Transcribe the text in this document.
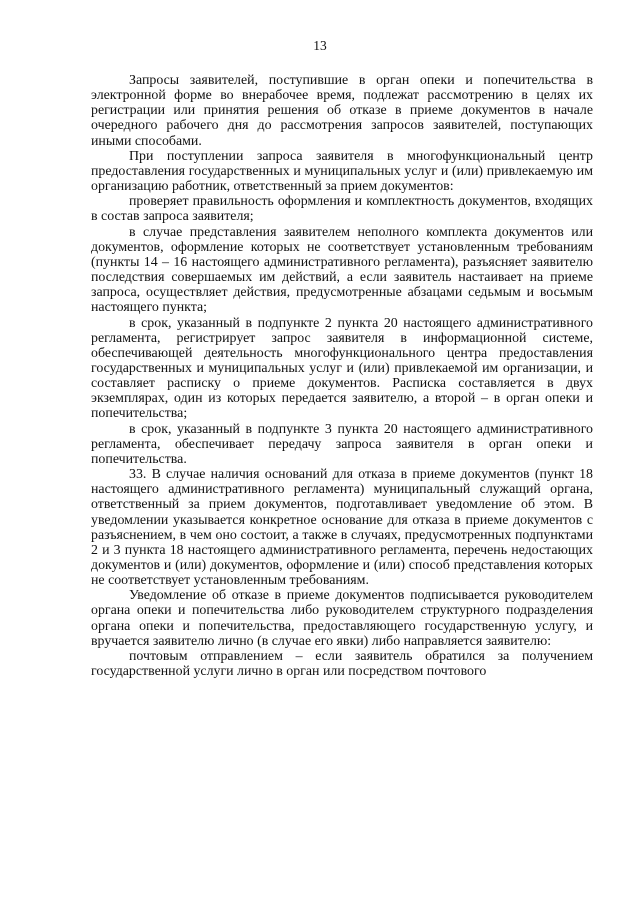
13

Запросы заявителей, поступившие в орган опеки и попечительства в электронной форме во внерабочее время, подлежат рассмотрению в целях их регистрации или принятия решения об отказе в приеме документов в начале очередного рабочего дня до рассмотрения запросов заявителей, поступающих иными способами.

При поступлении запроса заявителя в многофункциональный центр предоставления государственных и муниципальных услуг и (или) привлекаемую им организацию работник, ответственный за прием документов:

проверяет правильность оформления и комплектность документов, входящих в состав запроса заявителя;

в случае представления заявителем неполного комплекта документов или документов, оформление которых не соответствует установленным требованиям (пункты 14 – 16 настоящего административного регламента), разъясняет заявителю последствия совершаемых им действий, а если заявитель настаивает на приеме запроса, осуществляет действия, предусмотренные абзацами седьмым и восьмым настоящего пункта;

в срок, указанный в подпункте 2 пункта 20 настоящего административного регламента, регистрирует запрос заявителя в информационной системе, обеспечивающей деятельность многофункционального центра предоставления государственных и муниципальных услуг и (или) привлекаемой им организации, и составляет расписку о приеме документов. Расписка составляется в двух экземплярах, один из которых передается заявителю, а второй – в орган опеки и попечительства;

в срок, указанный в подпункте 3 пункта 20 настоящего административного регламента, обеспечивает передачу запроса заявителя в орган опеки и попечительства.

33. В случае наличия оснований для отказа в приеме документов (пункт 18 настоящего административного регламента) муниципальный служащий органа, ответственный за прием документов, подготавливает уведомление об этом. В уведомлении указывается конкретное основание для отказа в приеме документов с разъяснением, в чем оно состоит, а также в случаях, предусмотренных подпунктами 2 и 3 пункта 18 настоящего административного регламента, перечень недостающих документов и (или) документов, оформление и (или) способ представления которых не соответствует установленным требованиям.

Уведомление об отказе в приеме документов подписывается руководителем органа опеки и попечительства либо руководителем структурного подразделения органа опеки и попечительства, предоставляющего государственную услугу, и вручается заявителю лично (в случае его явки) либо направляется заявителю:

почтовым отправлением – если заявитель обратился за получением государственной услуги лично в орган или посредством почтового
